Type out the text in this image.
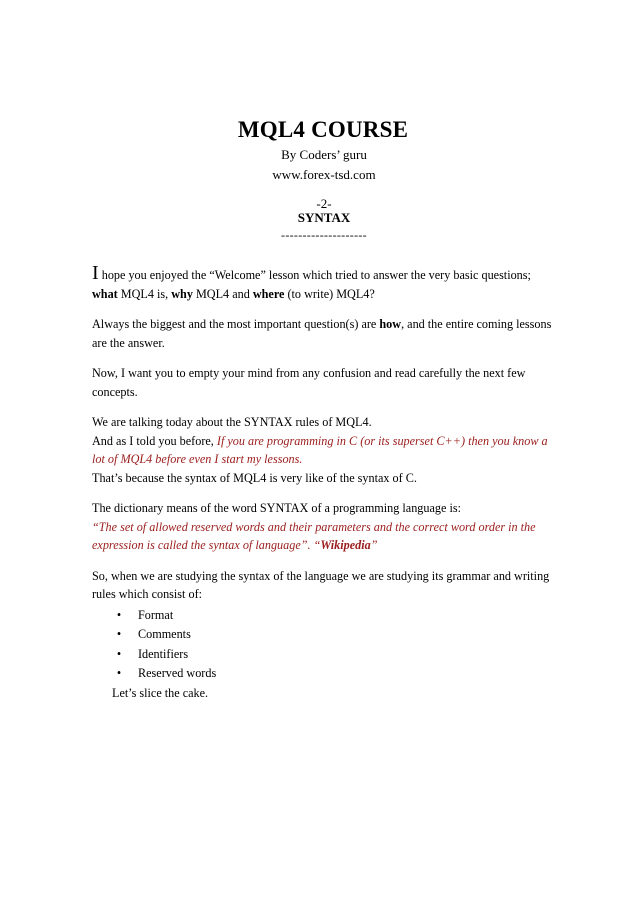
MQL4 COURSE
By Coders’ guru
www.forex-tsd.com
-2-
SYNTAX
--------------------

I hope you enjoyed the “Welcome” lesson which tried to answer the very basic questions; what MQL4 is, why MQL4 and where (to write) MQL4?

Always the biggest and the most important question(s) are how, and the entire coming lessons are the answer.

Now, I want you to empty your mind from any confusion and read carefully the next few concepts.

We are talking today about the SYNTAX rules of MQL4.
And as I told you before, If you are programming in C (or its superset C++) then you know a lot of MQL4 before even I start my lessons.
That’s because the syntax of MQL4 is very like of the syntax of C.

The dictionary means of the word SYNTAX of a programming language is:
“The set of allowed reserved words and their parameters and the correct word order in the expression is called the syntax of language”. “Wikipedia”

So, when we are studying the syntax of the language we are studying its grammar and writing rules which consist of:

•	Format
•	Comments
•	Identifiers
•	Reserved words

Let’s slice the cake.
